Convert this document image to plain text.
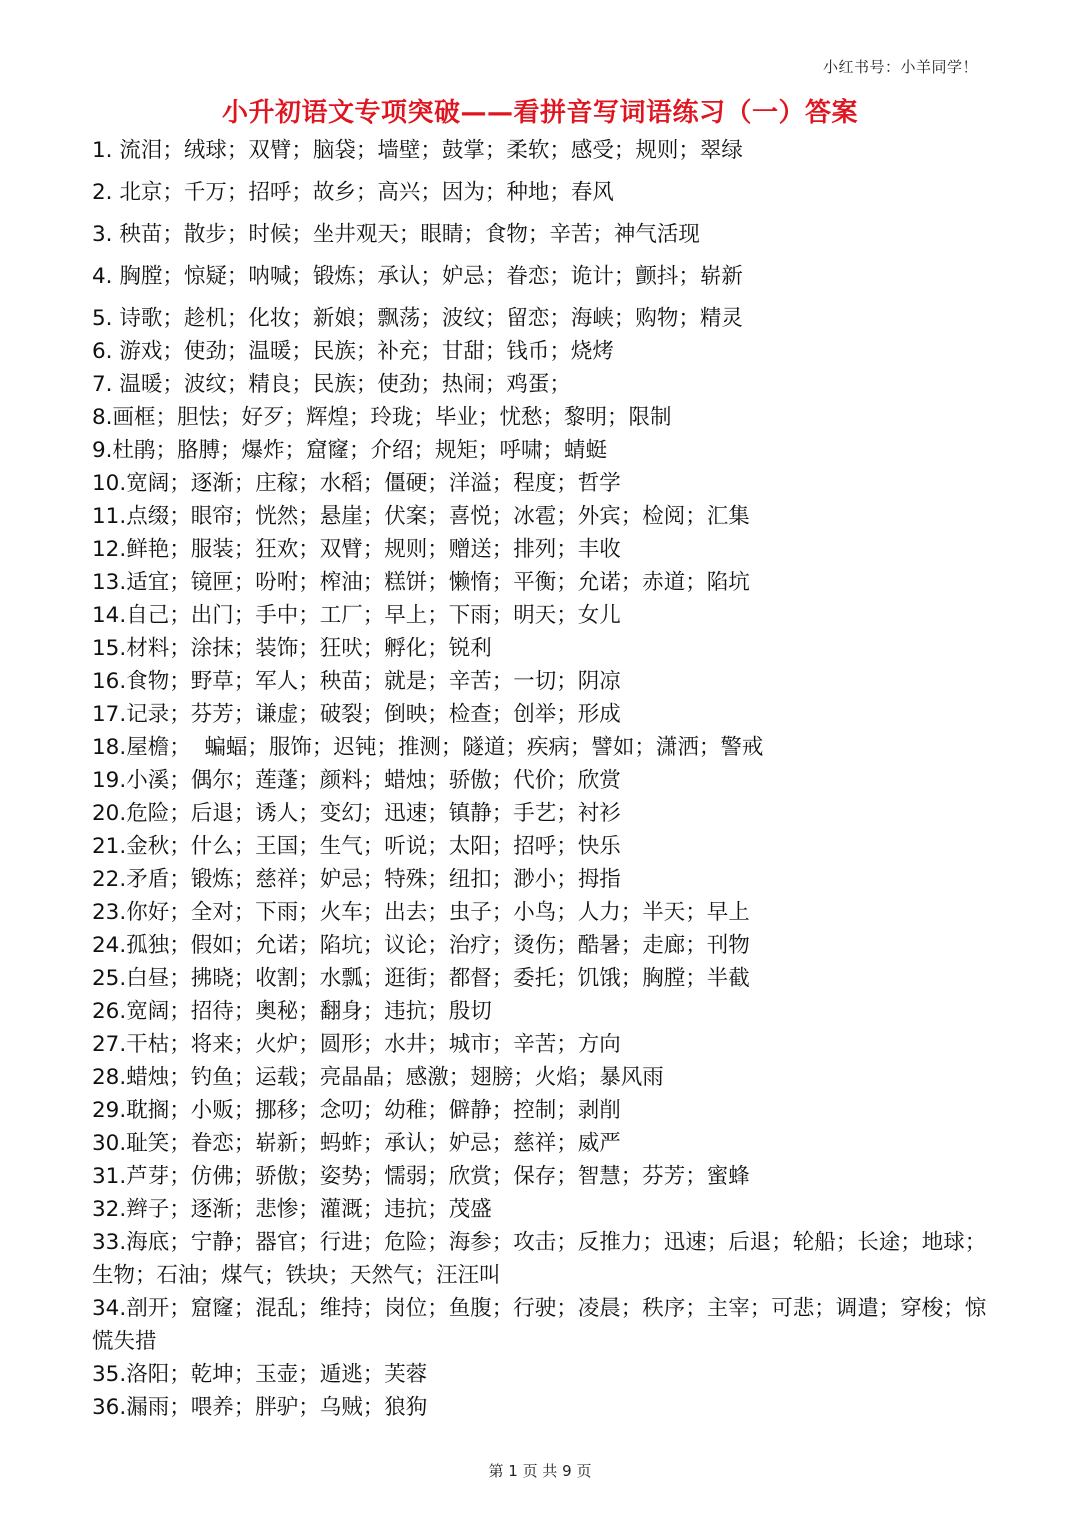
小红书号：小羊同学！
小升初语文专项突破——看拼音写词语练习（一）答案
1. 流泪；绒球；双臂；脑袋；墙壁；鼓掌；柔软；感受；规则；翠绿
2. 北京；千万；招呼；故乡；高兴；因为；种地；春风
3. 秧苗；散步；时候；坐井观天；眼睛；食物；辛苦；神气活现
4. 胸膛；惊疑；呐喊；锻炼；承认；妒忌；眷恋；诡计；颤抖；崭新
5. 诗歌；趁机；化妆；新娘；飘荡；波纹；留恋；海峡；购物；精灵
6. 游戏；使劲；温暖；民族；补充；甘甜；钱币；烧烤
7. 温暖；波纹；精良；民族；使劲；热闹；鸡蛋；
8.画框；胆怯；好歹；辉煌；玲珑；毕业；忧愁；黎明；限制
9.杜鹃；胳膊；爆炸；窟窿；介绍；规矩；呼啸；蜻蜓
10.宽阔；逐渐；庄稼；水稻；僵硬；洋溢；程度；哲学
11.点缀；眼帘；恍然；悬崖；伏案；喜悦；冰雹；外宾；检阅；汇集
12.鲜艳；服装；狂欢；双臂；规则；赠送；排列；丰收
13.适宜；镜匣；吩咐；榨油；糕饼；懒惰；平衡；允诺；赤道；陷坑
14.自己；出门；手中；工厂；早上；下雨；明天；女儿
15.材料；涂抹；装饰；狂吠；孵化；锐利
16.食物；野草；军人；秧苗；就是；辛苦；一切；阴凉
17.记录；芬芳；谦虚；破裂；倒映；检查；创举；形成
18.屋檐；  蝙蝠；服饰；迟钝；推测；隧道；疾病；譬如；潇洒；警戒
19.小溪；偶尔；莲蓬；颜料；蜡烛；骄傲；代价；欣赏
20.危险；后退；诱人；变幻；迅速；镇静；手艺；衬衫
21.金秋；什么；王国；生气；听说；太阳；招呼；快乐
22.矛盾；锻炼；慈祥；妒忌；特殊；纽扣；渺小；拇指
23.你好；全对；下雨；火车；出去；虫子；小鸟；人力；半天；早上
24.孤独；假如；允诺；陷坑；议论；治疗；烫伤；酷暑；走廊；刊物
25.白昼；拂晓；收割；水瓢；逛街；都督；委托；饥饿；胸膛；半截
26.宽阔；招待；奥秘；翻身；违抗；殷切
27.干枯；将来；火炉；圆形；水井；城市；辛苦；方向
28.蜡烛；钓鱼；运载；亮晶晶；感激；翅膀；火焰；暴风雨
29.耽搁；小贩；挪移；念叨；幼稚；僻静；控制；剥削
30.耻笑；眷恋；崭新；蚂蚱；承认；妒忌；慈祥；威严
31.芦芽；仿佛；骄傲；姿势；懦弱；欣赏；保存；智慧；芬芳；蜜蜂
32.辫子；逐渐；悲惨；灌溉；违抗；茂盛
33.海底；宁静；器官；行进；危险；海参；攻击；反推力；迅速；后退；轮船；长途；地球；生物；石油；煤气；铁块；天然气；汪汪叫
34.剖开；窟窿；混乱；维持；岗位；鱼腹；行驶；凌晨；秩序；主宰；可悲；调遣；穿梭；惊慌失措
35.洛阳；乾坤；玉壶；遁逃；芙蓉
36.漏雨；喂养；胖驴；乌贼；狼狗
第 1 页 共 9 页
